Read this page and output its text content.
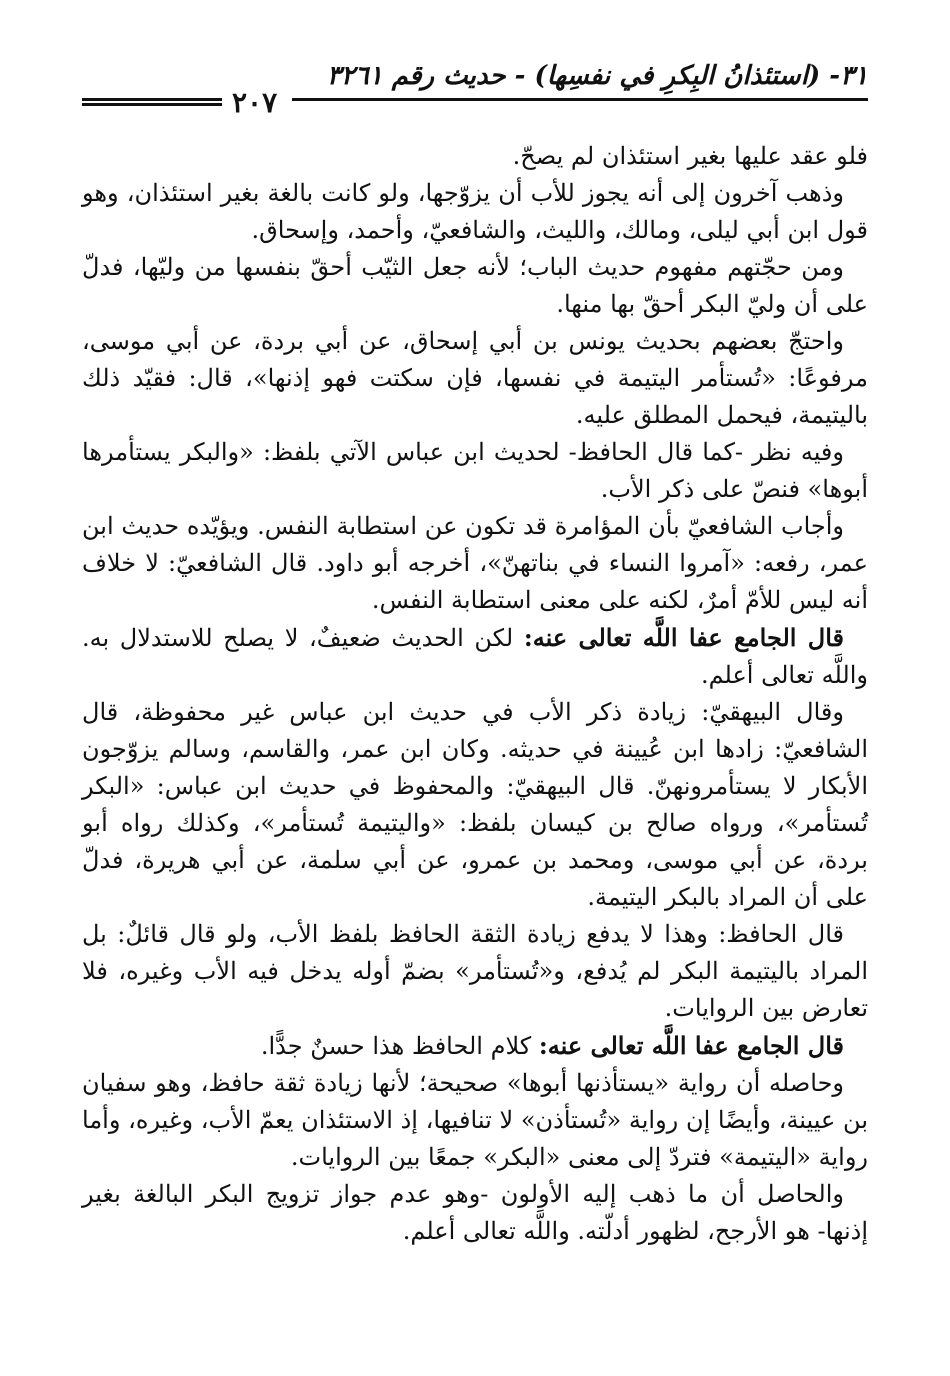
٣١- (استئذانُ البِكرِ في نفسِها) - حديث رقم ٣٢٦١
٢٠٧

فلو عقد عليها بغير استئذان لم يصحّ.

وذهب آخرون إلى أنه يجوز للأب أن يزوّجها، ولو كانت بالغة بغير استئذان، وهو قول ابن أبي ليلى، ومالك، والليث، والشافعيّ، وأحمد، وإسحاق.

ومن حجّتهم مفهوم حديث الباب؛ لأنه جعل الثيّب أحقّ بنفسها من وليّها، فدلّ على أن وليّ البكر أحقّ بها منها.

واحتجّ بعضهم بحديث يونس بن أبي إسحاق، عن أبي بردة، عن أبي موسى، مرفوعًا: «تُستأمر اليتيمة في نفسها، فإن سكتت فهو إذنها»، قال: فقيّد ذلك باليتيمة، فيحمل المطلق عليه.

وفيه نظر -كما قال الحافظ- لحديث ابن عباس الآتي بلفظ: «والبكر يستأمرها أبوها» فنصّ على ذكر الأب.

وأجاب الشافعيّ بأن المؤامرة قد تكون عن استطابة النفس. ويؤيّده حديث ابن عمر، رفعه: «آمروا النساء في بناتهنّ»، أخرجه أبو داود. قال الشافعيّ: لا خلاف أنه ليس للأمّ أمرٌ، لكنه على معنى استطابة النفس.

قال الجامع عفا اللَّه تعالى عنه: لكن الحديث ضعيفٌ، لا يصلح للاستدلال به. واللَّه تعالى أعلم.

وقال البيهقيّ: زيادة ذكر الأب في حديث ابن عباس غير محفوظة، قال الشافعيّ: زادها ابن عُيينة في حديثه. وكان ابن عمر، والقاسم، وسالم يزوّجون الأبكار لا يستأمرونهنّ. قال البيهقيّ: والمحفوظ في حديث ابن عباس: «البكر تُستأمر»، ورواه صالح بن كيسان بلفظ: «واليتيمة تُستأمر»، وكذلك رواه أبو بردة، عن أبي موسى، ومحمد بن عمرو، عن أبي سلمة، عن أبي هريرة، فدلّ على أن المراد بالبكر اليتيمة.

قال الحافظ: وهذا لا يدفع زيادة الثقة الحافظ بلفظ الأب، ولو قال قائلٌ: بل المراد باليتيمة البكر لم يُدفع، و«تُستأمر» بضمّ أوله يدخل فيه الأب وغيره، فلا تعارض بين الروايات.

قال الجامع عفا اللَّه تعالى عنه: كلام الحافظ هذا حسنٌ جدًّا.

وحاصله أن رواية «يستأذنها أبوها» صحيحة؛ لأنها زيادة ثقة حافظ، وهو سفيان بن عيينة، وأيضًا إن رواية «تُستأذن» لا تنافيها، إذ الاستئذان يعمّ الأب، وغيره، وأما رواية «اليتيمة» فتردّ إلى معنى «البكر» جمعًا بين الروايات.

والحاصل أن ما ذهب إليه الأولون -وهو عدم جواز تزويج البكر البالغة بغير إذنها- هو الأرجح، لظهور أدلّته. واللَّه تعالى أعلم.
